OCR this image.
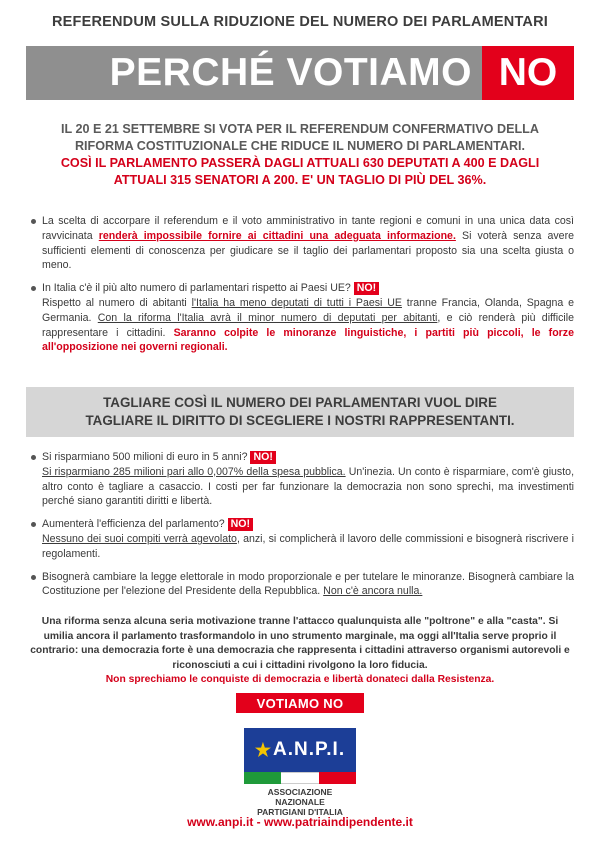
REFERENDUM SULLA RIDUZIONE DEL NUMERO DEI PARLAMENTARI
PERCHÉ VOTIAMO NO
IL 20 E 21 SETTEMBRE SI VOTA PER IL REFERENDUM CONFERMATIVO DELLA
RIFORMA COSTITUZIONALE CHE RIDUCE IL NUMERO DI PARLAMENTARI.
COSÌ IL PARLAMENTO PASSERÀ DAGLI ATTUALI 630 DEPUTATI A 400 E DAGLI
ATTUALI 315 SENATORI A 200. E' UN TAGLIO DI PIÙ DEL 36%.
La scelta di accorpare il referendum e il voto amministrativo in tante regioni e comuni in una unica data così ravvicinata renderà impossibile fornire ai cittadini una adeguata informazione. Si voterà senza avere sufficienti elementi di conoscenza per giudicare se il taglio dei parlamentari proposto sia una scelta giusta o meno.
In Italia c'è il più alto numero di parlamentari rispetto ai Paesi UE? NO!
Rispetto al numero di abitanti l'Italia ha meno deputati di tutti i Paesi UE tranne Francia, Olanda, Spagna e Germania. Con la riforma l'Italia avrà il minor numero di deputati per abitanti, e ciò renderà più difficile rappresentare i cittadini. Saranno colpite le minoranze linguistiche, i partiti più piccoli, le forze all'opposizione nei governi regionali.
TAGLIARE COSÌ IL NUMERO DEI PARLAMENTARI VUOL DIRE
TAGLIARE IL DIRITTO DI SCEGLIERE I NOSTRI RAPPRESENTANTI.
Si risparmiano 500 milioni di euro in 5 anni? NO!
Si risparmiano 285 milioni pari allo 0,007% della spesa pubblica. Un'inezia. Un conto è risparmiare, com'è giusto, altro conto è tagliare a casaccio. I costi per far funzionare la democrazia non sono sprechi, ma investimenti perché siano garantiti diritti e libertà.
Aumenterà l'efficienza del parlamento? NO!
Nessuno dei suoi compiti verrà agevolato, anzi, si complicherà il lavoro delle commissioni e bisognerà riscrivere i regolamenti.
Bisognerà cambiare la legge elettorale in modo proporzionale e per tutelare le minoranze. Bisognerà cambiare la Costituzione per l'elezione del Presidente della Repubblica. Non c'è ancora nulla.
Una riforma senza alcuna seria motivazione tranne l'attacco qualunquista alle "poltrone" e alla "casta". Si umilia ancora il parlamento trasformandolo in uno strumento marginale, ma oggi all'Italia serve proprio il contrario: una democrazia forte è una democrazia che rappresenta i cittadini attraverso organismi autorevoli e riconosciuti a cui i cittadini rivolgono la loro fiducia.
Non sprechiamo le conquiste di democrazia e libertà donateci dalla Resistenza.
VOTIAMO NO
★ A.N.P.I.
ASSOCIAZIONE NAZIONALE
PARTIGIANI D'ITALIA
www.anpi.it - www.patriaindipendente.it
